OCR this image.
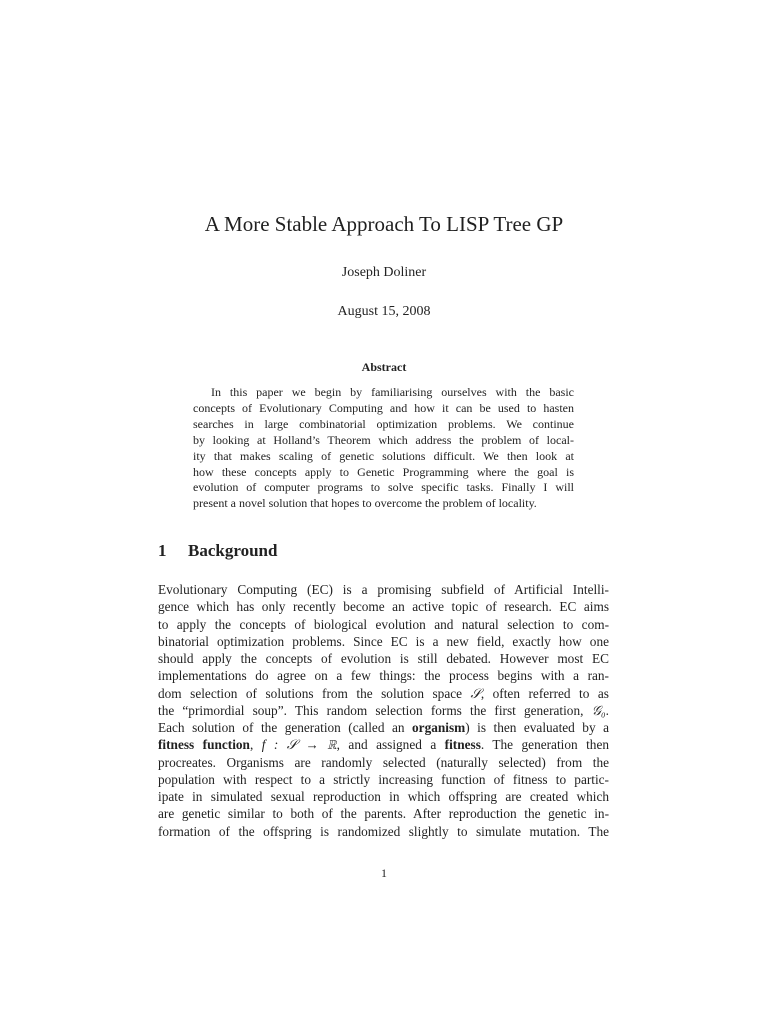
A More Stable Approach To LISP Tree GP
Joseph Doliner
August 15, 2008
Abstract
In this paper we begin by familiarising ourselves with the basic
concepts of Evolutionary Computing and how it can be used to hasten
searches in large combinatorial optimization problems. We continue
by looking at Holland’s Theorem which address the problem of local-
ity that makes scaling of genetic solutions difficult. We then look at
how these concepts apply to Genetic Programming where the goal is
evolution of computer programs to solve specific tasks. Finally I will
present a novel solution that hopes to overcome the problem of locality.
1 Background
Evolutionary Computing (EC) is a promising subfield of Artificial Intelli-
gence which has only recently become an active topic of research. EC aims
to apply the concepts of biological evolution and natural selection to com-
binatorial optimization problems. Since EC is a new field, exactly how one
should apply the concepts of evolution is still debated. However most EC
implementations do agree on a few things: the process begins with a ran-
dom selection of solutions from the solution space 𝒮, often referred to as
the “primordial soup”. This random selection forms the first generation, 𝒢₀.
Each solution of the generation (called an organism) is then evaluated by a
fitness function, f : 𝒮 → ℝ, and assigned a fitness. The generation then
procreates. Organisms are randomly selected (naturally selected) from the
population with respect to a strictly increasing function of fitness to partic-
ipate in simulated sexual reproduction in which offspring are created which
are genetic similar to both of the parents. After reproduction the genetic in-
formation of the offspring is randomized slightly to simulate mutation. The
1
